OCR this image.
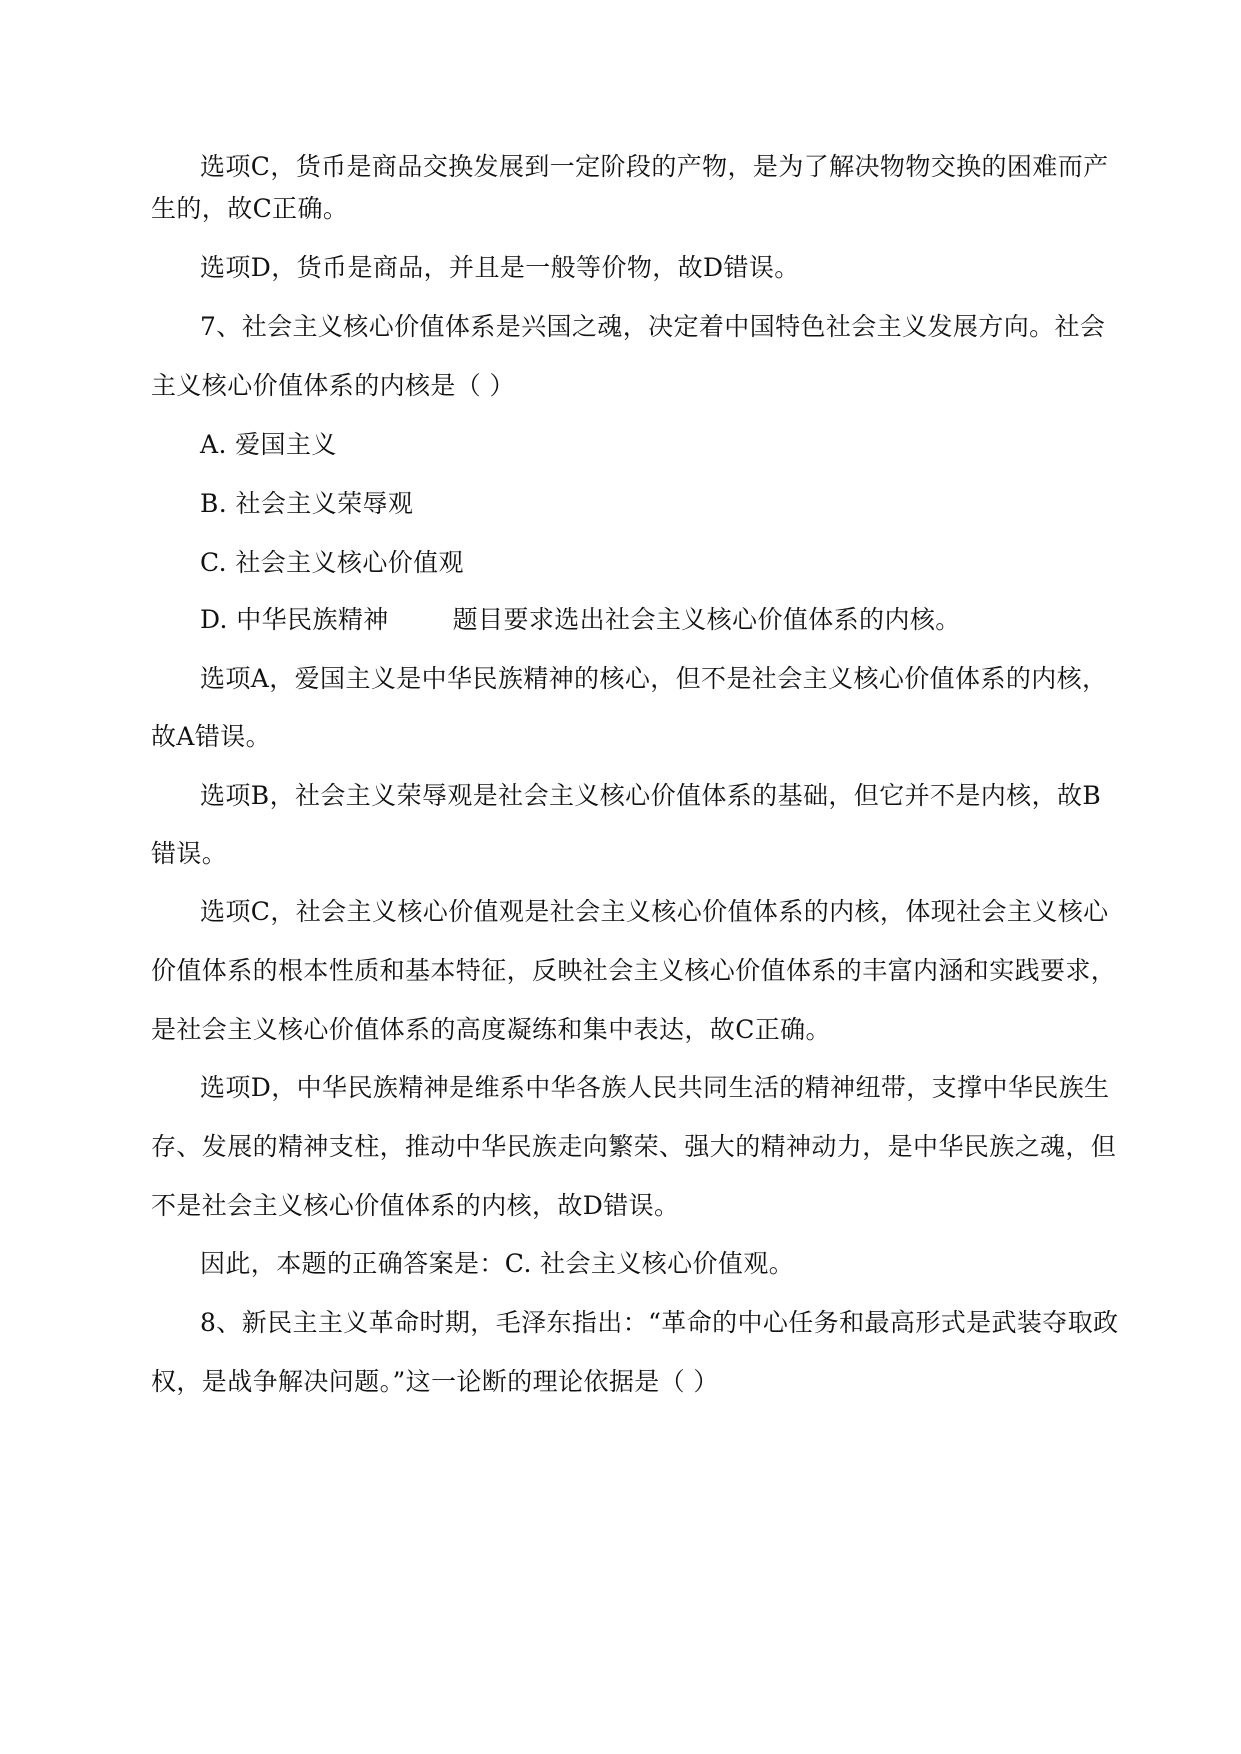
选项C，货币是商品交换发展到一定阶段的产物，是为了解决物物交换的困难而产
生的，故C正确。
选项D，货币是商品，并且是一般等价物，故D错误。
7、社会主义核心价值体系是兴国之魂，决定着中国特色社会主义发展方向。社会
主义核心价值体系的内核是（ ）
A. 爱国主义
B. 社会主义荣辱观
C. 社会主义核心价值观
D. 中华民族精神	题目要求选出社会主义核心价值体系的内核。
选项A，爱国主义是中华民族精神的核心，但不是社会主义核心价值体系的内核，
故A错误。
选项B，社会主义荣辱观是社会主义核心价值体系的基础，但它并不是内核，故B
错误。
选项C，社会主义核心价值观是社会主义核心价值体系的内核，体现社会主义核心
价值体系的根本性质和基本特征，反映社会主义核心价值体系的丰富内涵和实践要求，
是社会主义核心价值体系的高度凝练和集中表达，故C正确。
选项D，中华民族精神是维系中华各族人民共同生活的精神纽带，支撑中华民族生
存、发展的精神支柱，推动中华民族走向繁荣、强大的精神动力，是中华民族之魂，但
不是社会主义核心价值体系的内核，故D错误。
因此，本题的正确答案是：C. 社会主义核心价值观。
8、新民主主义革命时期，毛泽东指出：“革命的中心任务和最高形式是武装夺取政
权，是战争解决问题。”这一论断的理论依据是（ ）
